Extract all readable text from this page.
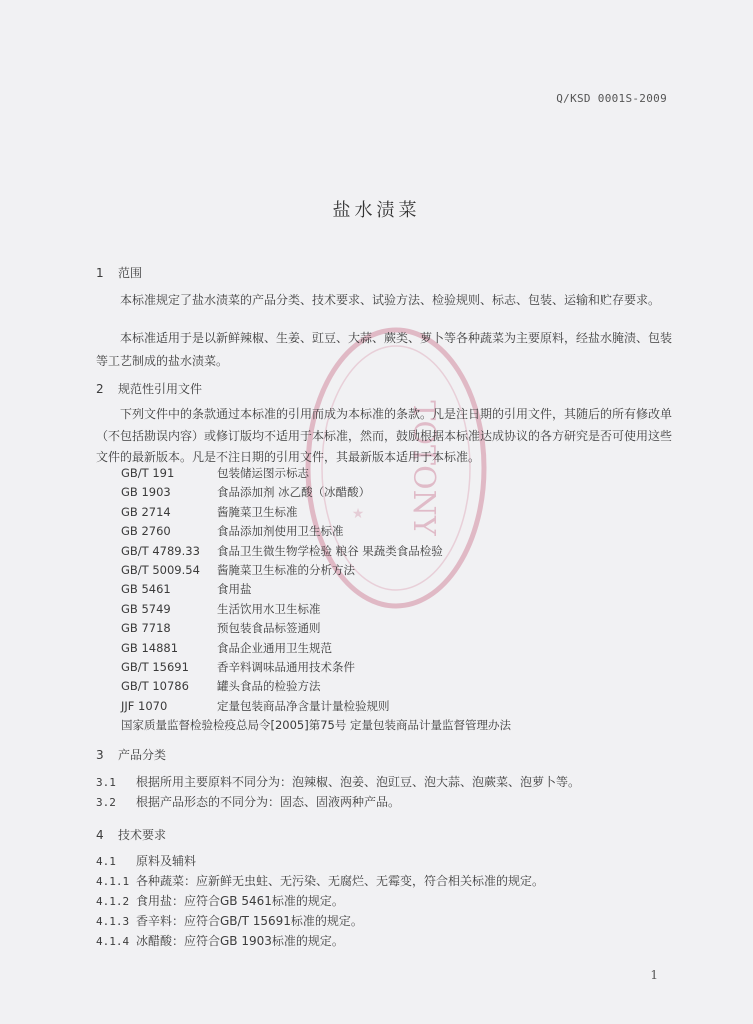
Q/KSD 0001S-2009
盐水渍菜
TOTONY
★
1 范围
本标准规定了盐水渍菜的产品分类、技术要求、试验方法、检验规则、标志、包装、运输和贮存要求。
本标准适用于是以新鲜辣椒、生姜、豇豆、大蒜、蕨类、萝卜等各种蔬菜为主要原料，经盐水腌渍、包装等工艺制成的盐水渍菜。
2 规范性引用文件
下列文件中的条款通过本标准的引用而成为本标准的条款。凡是注日期的引用文件，其随后的所有修改单（不包括勘误内容）或修订版均不适用于本标准，然而，鼓励根据本标准达成协议的各方研究是否可使用这些文件的最新版本。凡是不注日期的引用文件，其最新版本适用于本标准。
GB/T 191	包装储运图示标志
GB 1903	食品添加剂 冰乙酸（冰醋酸）
GB 2714	酱腌菜卫生标准
GB 2760	食品添加剂使用卫生标准
GB/T 4789.33 食品卫生微生物学检验 粮谷 果蔬类食品检验
GB/T 5009.54 酱腌菜卫生标准的分析方法
GB 5461	食用盐
GB 5749	生活饮用水卫生标准
GB 7718	预包装食品标签通则
GB 14881	食品企业通用卫生规范
GB/T 15691 香辛料调味品通用技术条件
GB/T 10786 罐头食品的检验方法
JJF 1070	定量包装商品净含量计量检验规则
国家质量监督检验检疫总局令[2005]第75号 定量包装商品计量监督管理办法
3 产品分类
3.1 根据所用主要原料不同分为：泡辣椒、泡姜、泡豇豆、泡大蒜、泡蕨菜、泡萝卜等。
3.2 根据产品形态的不同分为：固态、固液两种产品。
4 技术要求
4.1 原料及辅料
4.1.1 各种蔬菜：应新鲜无虫蛀、无污染、无腐烂、无霉变，符合相关标准的规定。
4.1.2 食用盐：应符合GB 5461标准的规定。
4.1.3 香辛料：应符合GB/T 15691标准的规定。
4.1.4 冰醋酸：应符合GB 1903标准的规定。
1
